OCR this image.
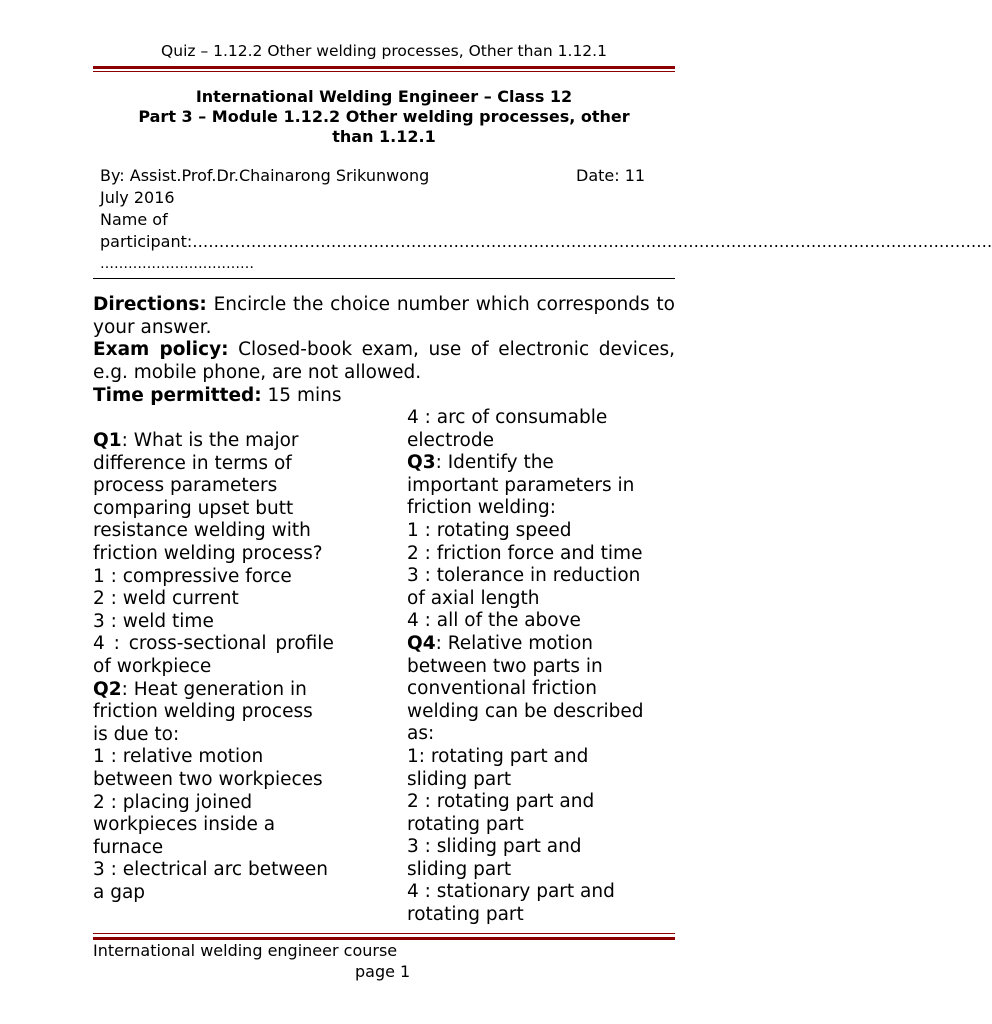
Quiz – 1.12.2 Other welding processes, Other than 1.12.1
International Welding Engineer – Class 12
Part 3 – Module 1.12.2 Other welding processes, other
than 1.12.1
By: Assist.Prof.Dr.Chainarong Srikunwong	Date: 11
July 2016
Name of
participant:……………………………………………………………………………………………………………………………………
……………………………
Directions: Encircle the choice number which corresponds to your answer.
Exam policy: Closed-book exam, use of electronic devices, e.g. mobile phone, are not allowed.
Time permitted: 15 mins
Q1: What is the major
difference in terms of
process parameters
comparing upset butt
resistance welding with
friction welding process?
1 : compressive force
2 : weld current
3 : weld time
4 : cross-sectional profile
of workpiece
Q2: Heat generation in
friction welding process
is due to:
1 : relative motion
between two workpieces
2 : placing joined
workpieces inside a
furnace
3 : electrical arc between
a gap
4 : arc of consumable
electrode
Q3: Identify the
important parameters in
friction welding:
1 : rotating speed
2 : friction force and time
3 : tolerance in reduction
of axial length
4 : all of the above
Q4: Relative motion
between two parts in
conventional friction
welding can be described
as:
1: rotating part and
sliding part
2 : rotating part and
rotating part
3 : sliding part and
sliding part
4 : stationary part and
rotating part
International welding engineer course
page 1
